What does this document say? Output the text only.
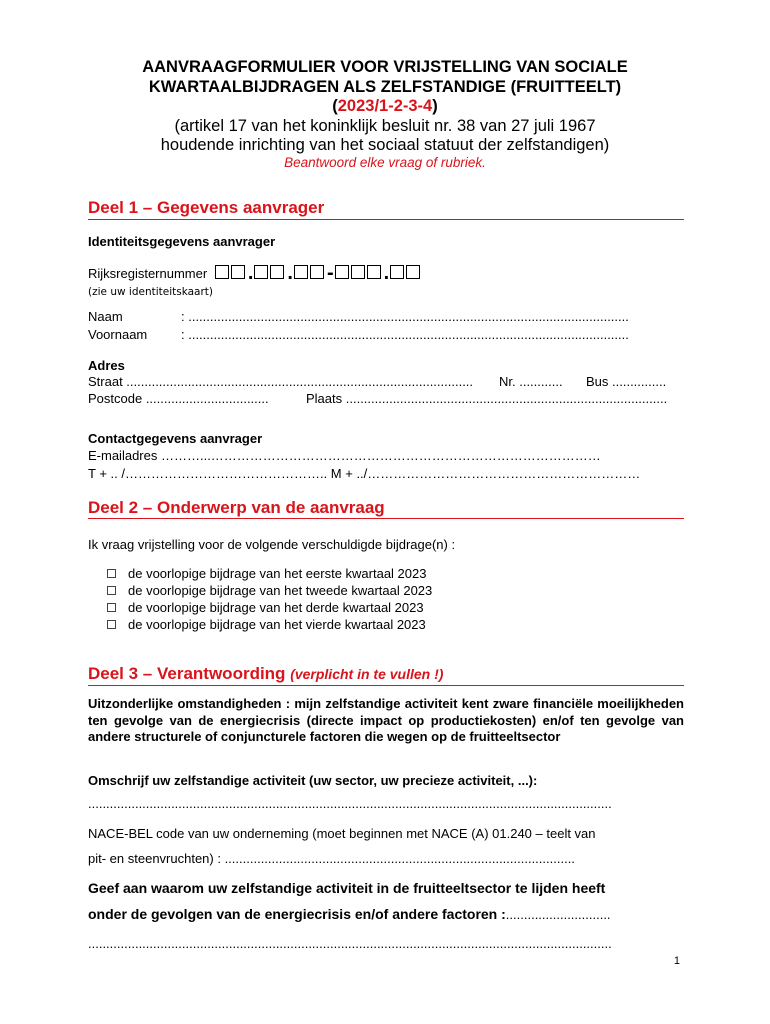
AANVRAAGFORMULIER VOOR VRIJSTELLING VAN SOCIALE
KWARTAALBIJDRAGEN ALS ZELFSTANDIGE (FRUITTEELT)
(2023/1-2-3-4)
(artikel 17 van het koninklijk besluit nr. 38 van 27 juli 1967
houdende inrichting van het sociaal statuut der zelfstandigen)
Beantwoord elke vraag of rubriek.
Deel 1 – Gegevens aanvrager
Identiteitsgegevens aanvrager
Rijksregisternummer . . -	.
(zie uw identiteitskaart)
Naam	: ..........................................................................................................................
Voornaam	: ..........................................................................................................................
Adres
Straat ................................................................................................ Nr. ............ Bus ...............
Postcode ..................................	Plaats .........................................................................................
Contactgegevens aanvrager
E-mailadres ………...………………………………………………………………………………
T + .. /……………………………………….. M + ../………………………………………………………
Deel 2 – Onderwerp van de aanvraag
Ik vraag vrijstelling voor de volgende verschuldigde bijdrage(n) :
de voorlopige bijdrage van het eerste kwartaal 2023
de voorlopige bijdrage van het tweede kwartaal 2023
de voorlopige bijdrage van het derde kwartaal 2023
de voorlopige bijdrage van het vierde kwartaal 2023
Deel 3 – Verantwoording (verplicht in te vullen !)
Uitzonderlijke omstandigheden : mijn zelfstandige activiteit kent zware financiële moeilijkheden ten gevolge van de energiecrisis (directe impact op productiekosten) en/of ten gevolge van andere structurele of conjuncturele factoren die wegen op de fruitteeltsector
Omschrijf uw zelfstandige activiteit (uw sector, uw precieze activiteit, ...):
.................................................................................................................................................
NACE-BEL code van uw onderneming (moet beginnen met NACE (A) 01.240 – teelt van
pit- en steenvruchten) : .................................................................................................
Geef aan waarom uw zelfstandige activiteit in de fruitteeltsector te lijden heeft
onder de gevolgen van de energiecrisis en/of andere factoren :.............................
.................................................................................................................................................
1
